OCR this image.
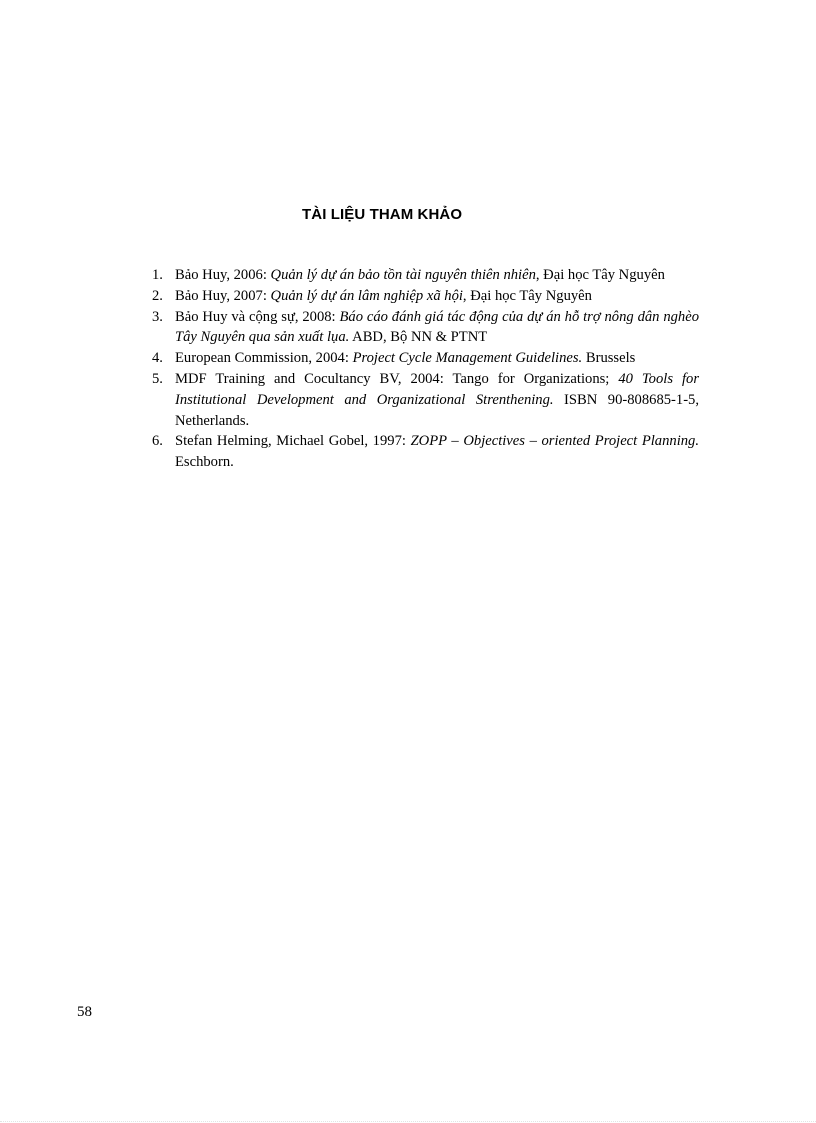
TÀI LIỆU THAM KHẢO
1. Bảo Huy, 2006: Quản lý dự án bảo tồn tài nguyên thiên nhiên, Đại học Tây Nguyên
2. Bảo Huy, 2007: Quản lý dự án lâm nghiệp xã hội, Đại học Tây Nguyên
3. Bảo Huy và cộng sự, 2008: Báo cáo đánh giá tác động của dự án hỗ trợ nông dân nghèo Tây Nguyên qua sản xuất lụa. ABD, Bộ NN & PTNT
4. European Commission, 2004: Project Cycle Management Guidelines. Brussels
5. MDF Training and Cocultancy BV, 2004: Tango for Organizations; 40 Tools for Institutional Development and Organizational Strenthening. ISBN 90-808685-1-5, Netherlands.
6. Stefan Helming, Michael Gobel, 1997: ZOPP – Objectives – oriented Project Planning. Eschborn.
58
